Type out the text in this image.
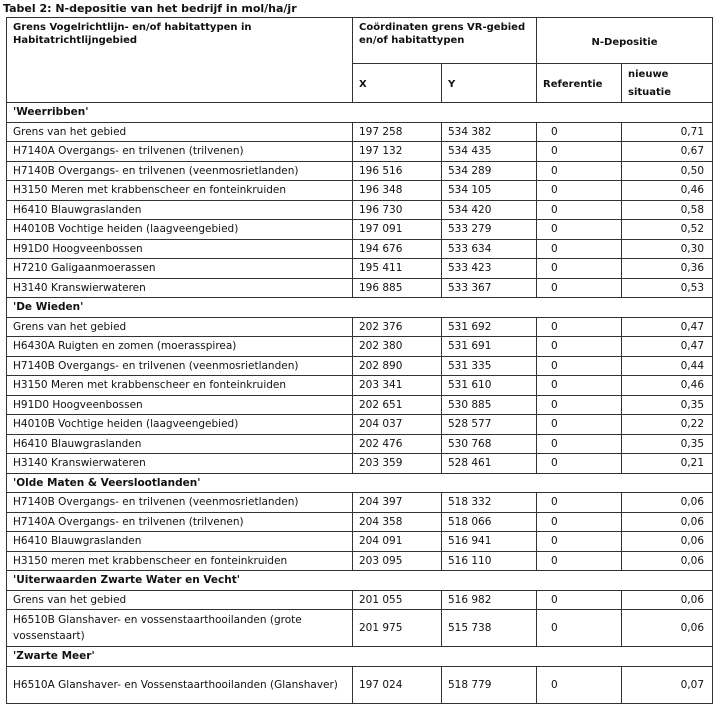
Tabel 2: N-depositie van het bedrijf in mol/ha/jr
Grens Vogelrichtlijn- en/of habitattypen in Habitatrichtlijngebied	Coördinaten grens VR-gebied en/of habitattypen		N-Depositie	
	X	Y	Referentie	nieuwe situatie
'Weerribben'				
Grens van het gebied	197 258	534 382	0	0,71
H7140A Overgangs- en trilvenen (trilvenen)	197 132	534 435	0	0,67
H7140B Overgangs- en trilvenen (veenmosrietlanden)	196 516	534 289	0	0,50
H3150 Meren met krabbenscheer en fonteinkruiden	196 348	534 105	0	0,46
H6410 Blauwgraslanden	196 730	534 420	0	0,58
H4010B Vochtige heiden (laagveengebied)	197 091	533 279	0	0,52
H91D0 Hoogveenbossen	194 676	533 634	0	0,30
H7210 Galigaanmoerassen	195 411	533 423	0	0,36
H3140 Kranswierwateren	196 885	533 367	0	0,53
'De Wieden'				
Grens van het gebied	202 376	531 692	0	0,47
H6430A Ruigten en zomen (moerasspirea)	202 380	531 691	0	0,47
H7140B Overgangs- en trilvenen (veenmosrietlanden)	202 890	531 335	0	0,44
H3150 Meren met krabbenscheer en fonteinkruiden	203 341	531 610	0	0,46
H91D0 Hoogveenbossen	202 651	530 885	0	0,35
H4010B Vochtige heiden (laagveengebied)	204 037	528 577	0	0,22
H6410 Blauwgraslanden	202 476	530 768	0	0,35
H3140 Kranswierwateren	203 359	528 461	0	0,21
'Olde Maten & Veerslootlanden'				
H7140B Overgangs- en trilvenen (veenmosrietlanden)	204 397	518 332	0	0,06
H7140A Overgangs- en trilvenen (trilvenen)	204 358	518 066	0	0,06
H6410 Blauwgraslanden	204 091	516 941	0	0,06
H3150 meren met krabbenscheer en fonteinkruiden	203 095	516 110	0	0,06
'Uiterwaarden Zwarte Water en Vecht'				
Grens van het gebied	201 055	516 982	0	0,06
H6510B Glanshaver- en vossenstaarthooilanden (grote vossenstaart)	201 975	515 738	0	0,06
'Zwarte Meer'				
H6510A Glanshaver- en Vossenstaarthooilanden (Glanshaver)	197 024	518 779	0	0,07
